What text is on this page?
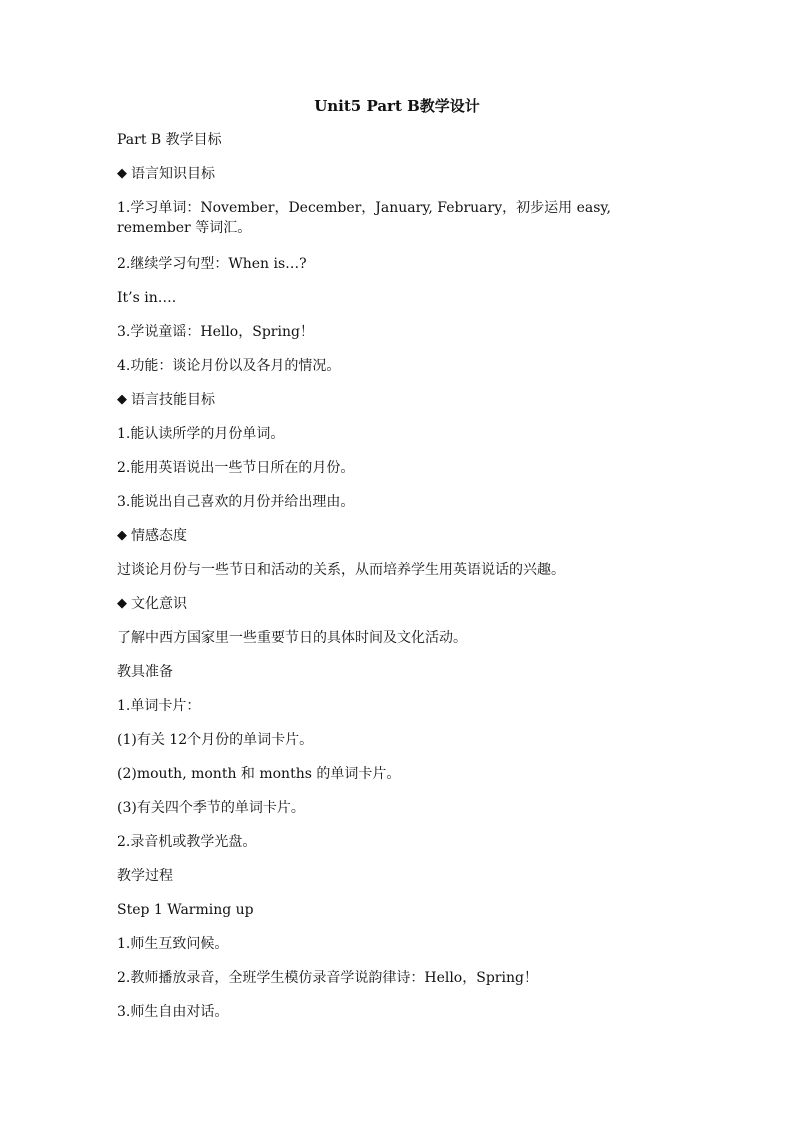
Unit5 Part B教学设计
Part B 教学目标
◆ 语言知识目标
1.学习单词：November，December，January, February，初步运用 easy, remember 等词汇。
2.继续学习句型：When is…?
It’s in….
3.学说童谣：Hello，Spring！
4.功能：谈论月份以及各月的情况。
◆ 语言技能目标
1.能认读所学的月份单词。
2.能用英语说出一些节日所在的月份。
3.能说出自己喜欢的月份并给出理由。
◆ 情感态度
过谈论月份与一些节日和活动的关系，从而培养学生用英语说话的兴趣。
◆ 文化意识
了解中西方国家里一些重要节日的具体时间及文化活动。
教具准备
1.单词卡片：
(1)有关 12个月份的单词卡片。
(2)mouth, month 和 months 的单词卡片。
(3)有关四个季节的单词卡片。
2.录音机或教学光盘。
教学过程
Step 1 Warming up
1.师生互致问候。
2.教师播放录音，全班学生模仿录音学说韵律诗：Hello，Spring！
3.师生自由对话。
